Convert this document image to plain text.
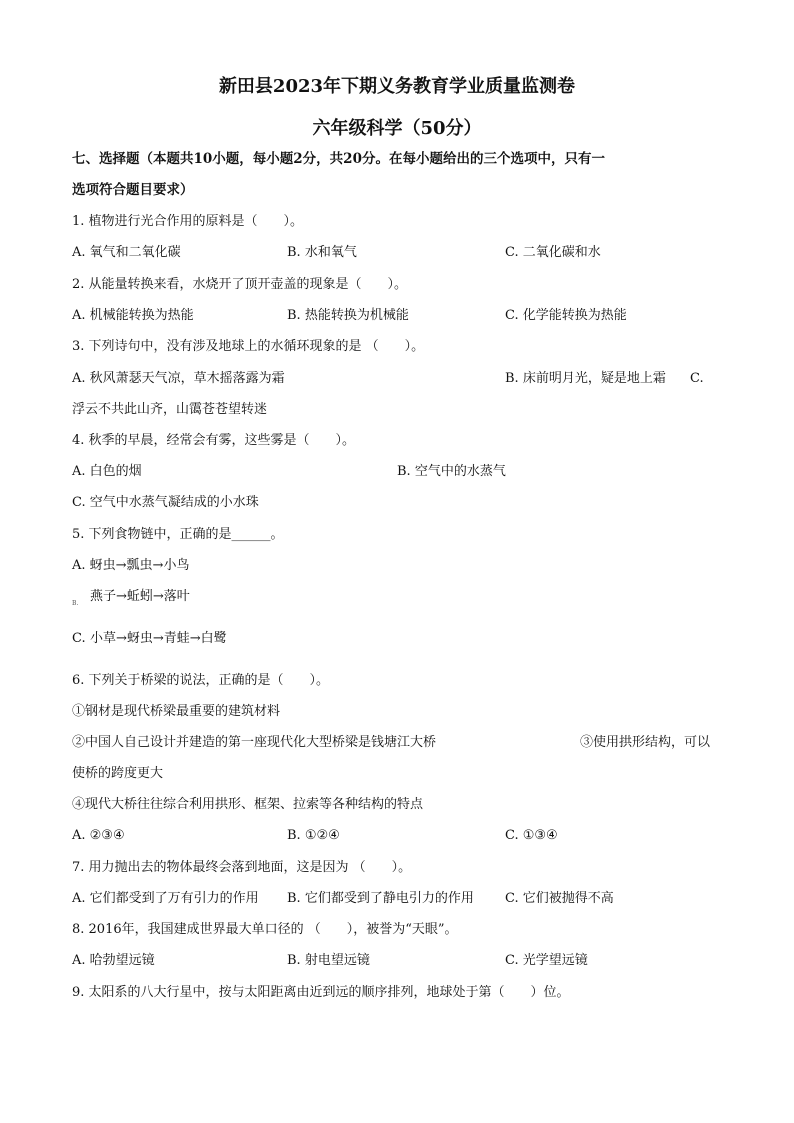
新田县2023年下期义务教育学业质量监测卷
六年级科学（50分）
七、选择题（本题共10小题，每小题2分，共20分。在每小题给出的三个选项中，只有一
选项符合题目要求）
1. 植物进行光合作用的原料是（　　）。
A. 氧气和二氧化碳	B. 水和氧气	C. 二氧化碳和水
2. 从能量转换来看，水烧开了顶开壶盖的现象是（　　）。
A. 机械能转换为热能	B. 热能转换为机械能	C. 化学能转换为热能
3. 下列诗句中，没有涉及地球上的水循环现象的是 （　　）。
A. 秋风萧瑟天气凉，草木摇落露为霜	B. 床前明月光，疑是地上霜 C.
浮云不共此山齐，山霭苍苍望转迷
4. 秋季的早晨，经常会有雾，这些雾是（　　）。
A. 白色的烟	B. 空气中的水蒸气
C. 空气中水蒸气凝结成的小水珠
5. 下列食物链中，正确的是______。
A. 蚜虫→瓢虫→小鸟
B. 燕子→蚯蚓→落叶
C. 小草→蚜虫→青蛙→白鹭
6. 下列关于桥梁的说法，正确的是（　　）。
①钢材是现代桥梁最重要的建筑材料
②中国人自己设计并建造的第一座现代化大型桥梁是钱塘江大桥	③使用拱形结构，可以
使桥的跨度更大
④现代大桥往往综合利用拱形、框架、拉索等各种结构的特点
A. ②③④	B. ①②④	C. ①③④
7. 用力抛出去的物体最终会落到地面，这是因为 （　　）。
A. 它们都受到了万有引力的作用 B. 它们都受到了静电引力的作用 C. 它们被抛得不高
8. 2016年，我国建成世界最大单口径的 （　　），被誉为“天眼”。
A. 哈勃望远镜	B. 射电望远镜	C. 光学望远镜
9. 太阳系的八大行星中，按与太阳距离由近到远的顺序排列，地球处于第（　　）位。
